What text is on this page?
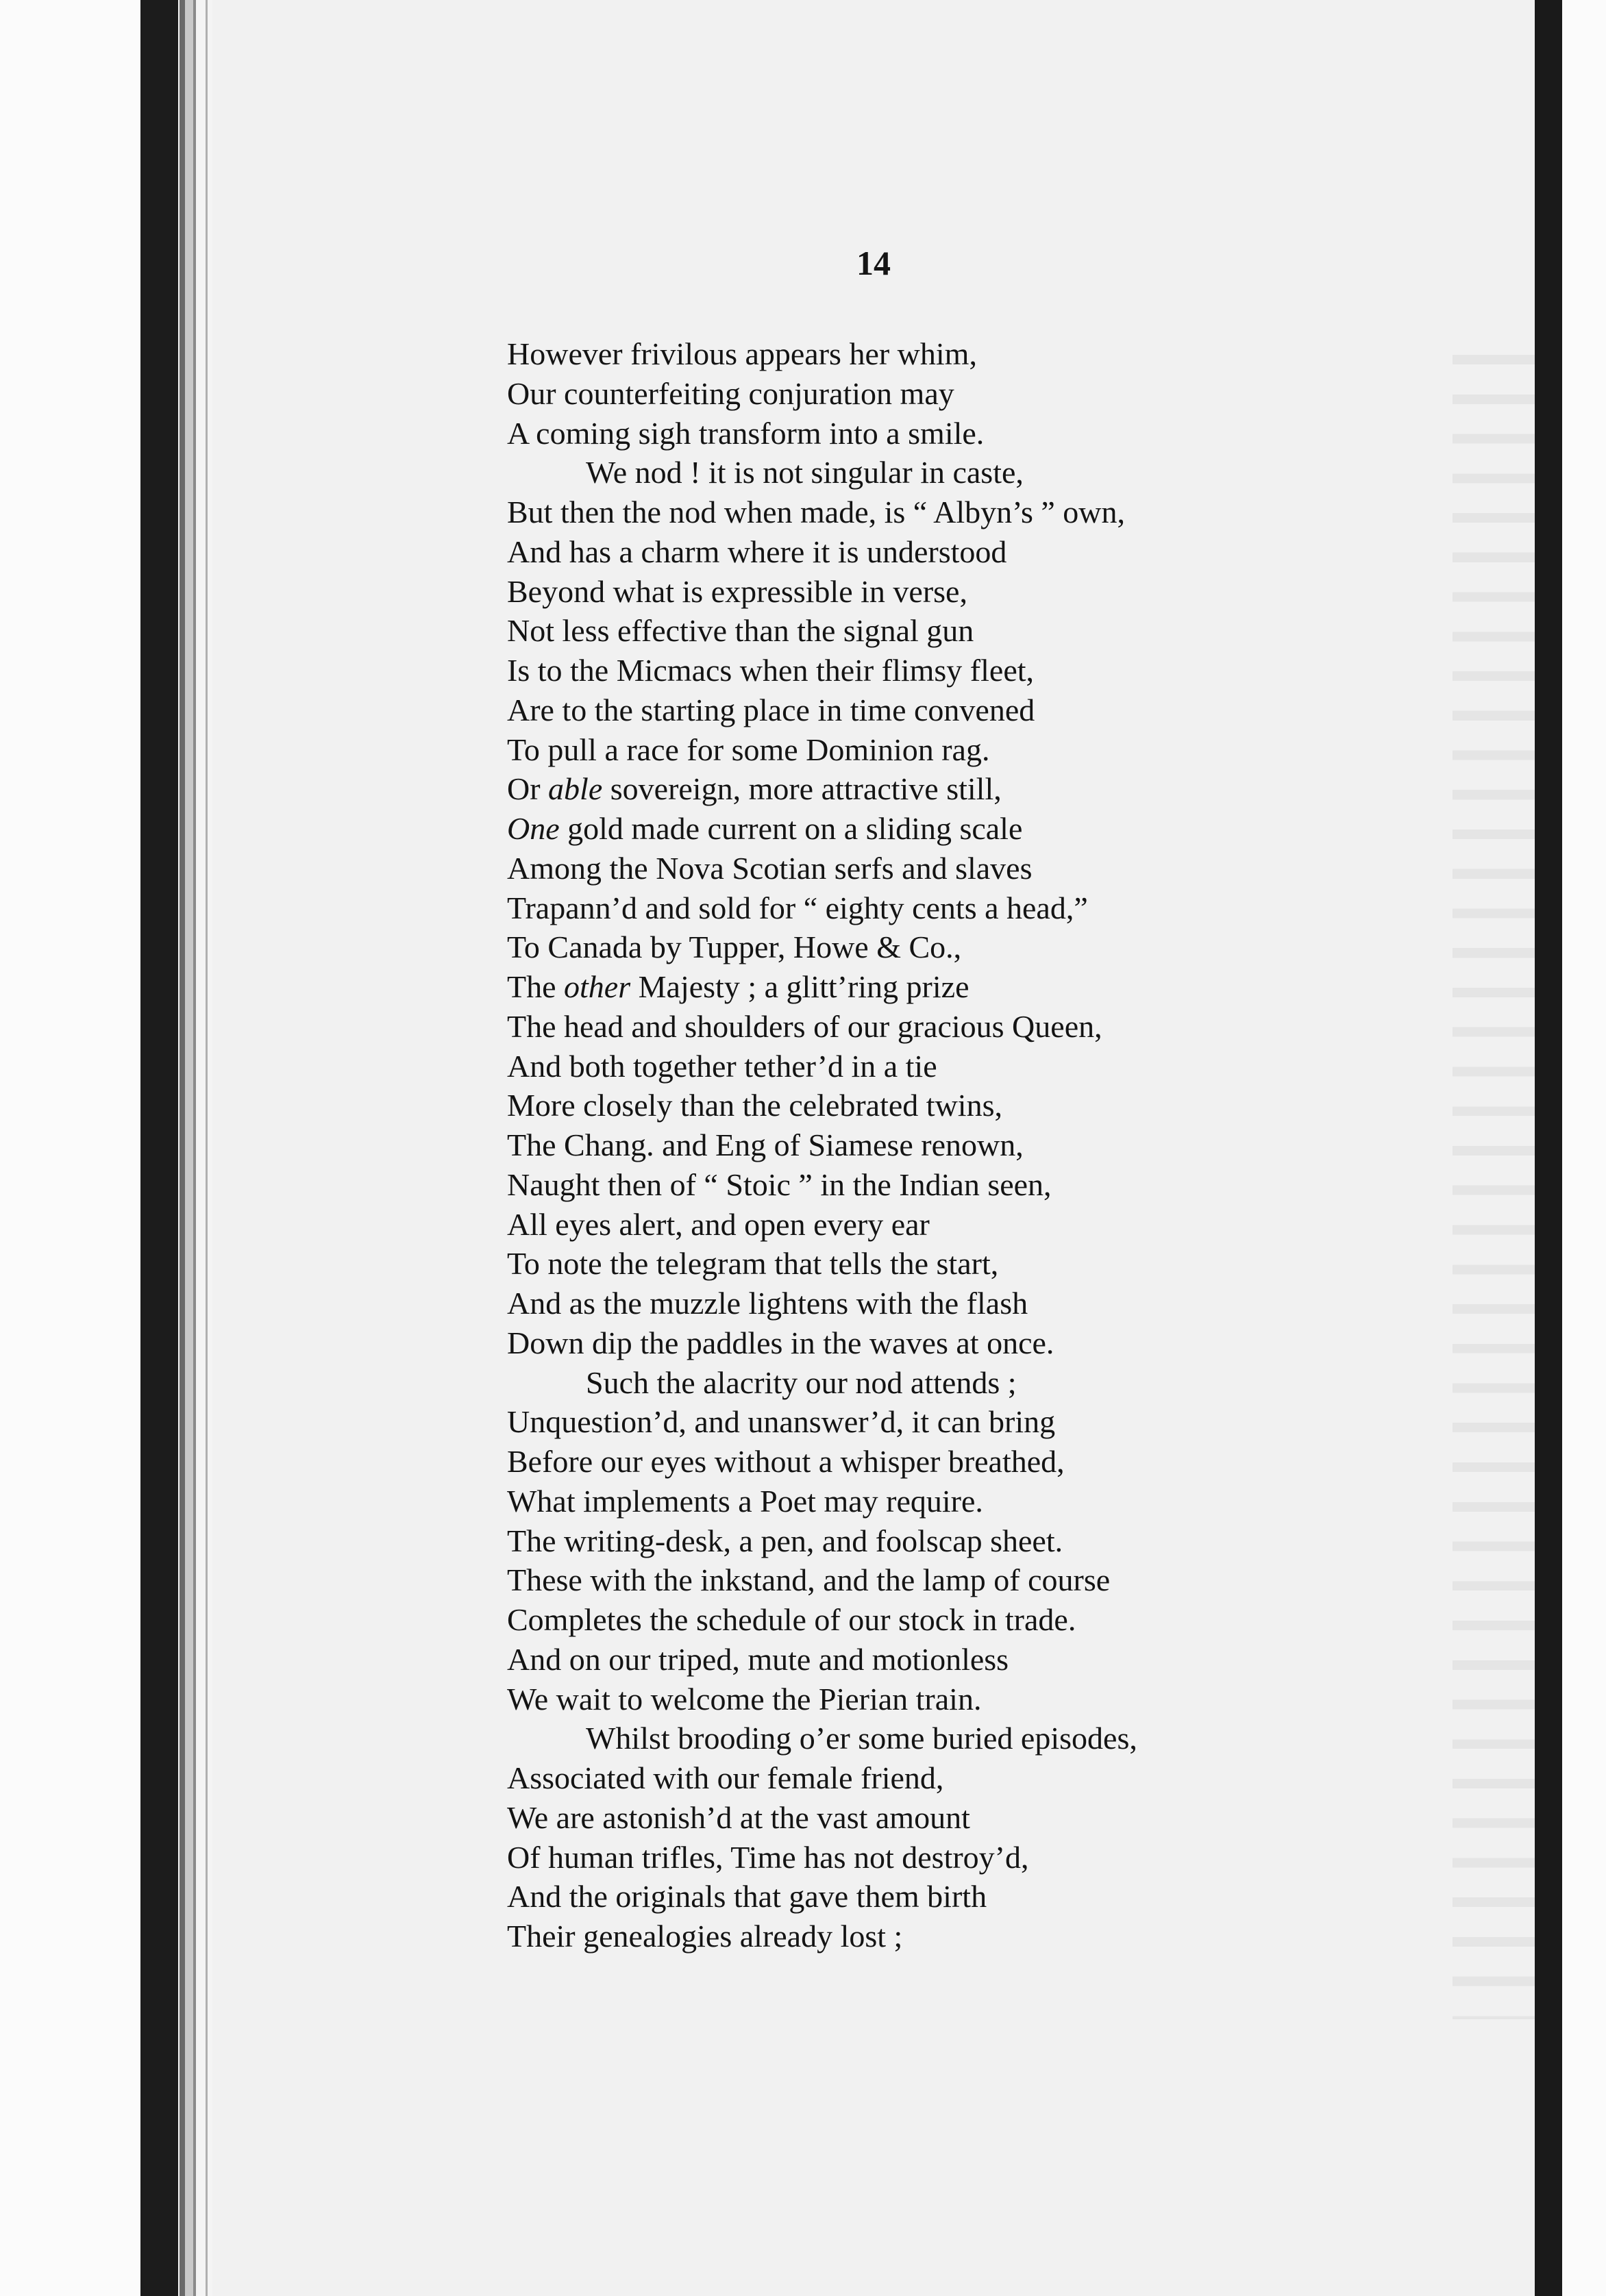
14

However frivilous appears her whim,
Our counterfeiting conjuration may
A coming sigh transform into a smile.
We nod ! it is not singular in caste,
But then the nod when made, is “ Albyn’s ” own,
And has a charm where it is understood
Beyond what is expressible in verse,
Not less effective than the signal gun
Is to the Micmacs when their flimsy fleet,
Are to the starting place in time convened
To pull a race for some Dominion rag.
Or able sovereign, more attractive still,
One gold made current on a sliding scale
Among the Nova Scotian serfs and slaves
Trapann’d and sold for “ eighty cents a head,”
To Canada by Tupper, Howe & Co.,
The other Majesty ; a glitt’ring prize
The head and shoulders of our gracious Queen,
And both together tether’d in a tie
More closely than the celebrated twins,
The Chang. and Eng of Siamese renown,
Naught then of “ Stoic ” in the Indian seen,
All eyes alert, and open every ear
To note the telegram that tells the start,
And as the muzzle lightens with the flash
Down dip the paddles in the waves at once.
Such the alacrity our nod attends ;
Unquestion’d, and unanswer’d, it can bring
Before our eyes without a whisper breathed,
What implements a Poet may require.
The writing-desk, a pen, and foolscap sheet.
These with the inkstand, and the lamp of course
Completes the schedule of our stock in trade.
And on our triped, mute and motionless
We wait to welcome the Pierian train.
Whilst brooding o’er some buried episodes,
Associated with our female friend,
We are astonish’d at the vast amount
Of human trifles, Time has not destroy’d,
And the originals that gave them birth
Their genealogies already lost ;
